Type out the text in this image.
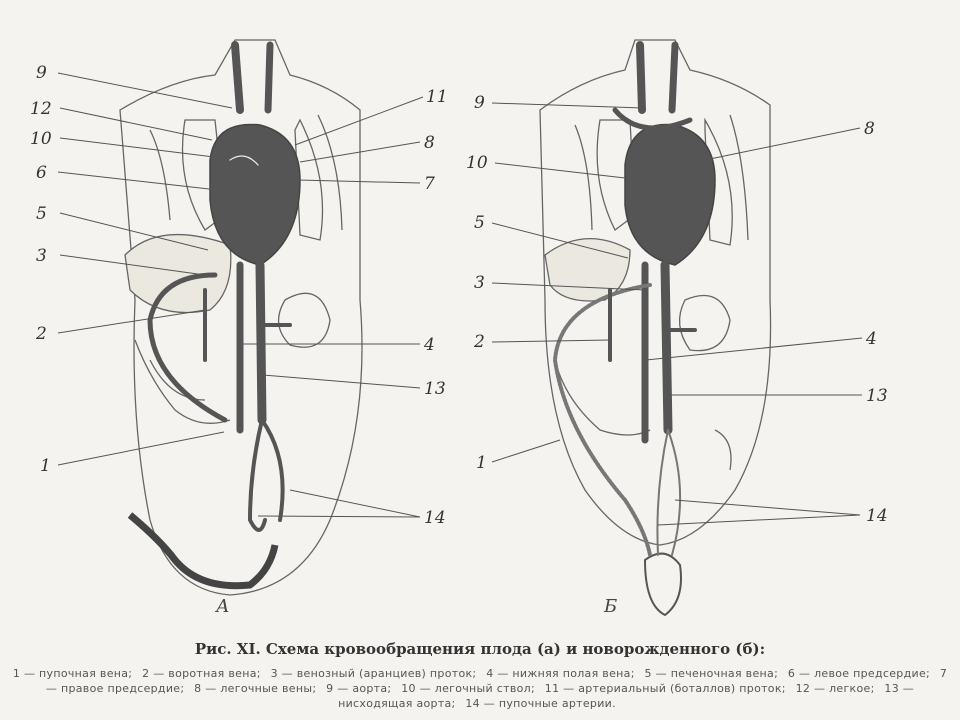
9
12
10
6
5
3
2
1
11
8
7
4
13
14
9
10
5
3
2
1
8
4
13
14
А	Б
Рис. XI. Схема кровообращения плода (а) и новорожденного (б):
1 — пупочная вена; 2 — воротная вена; 3 — венозный (аранциев) проток; 4 — нижняя полая вена; 5 — печеночная вена; 6 — левое предсердие; 7 — правое предсердие; 8 — легочные вены; 9 — аорта; 10 — легочный ствол; 11 — артериальный (боталлов) проток; 12 — легкое; 13 — нисходящая аорта; 14 — пупочные артерии.
